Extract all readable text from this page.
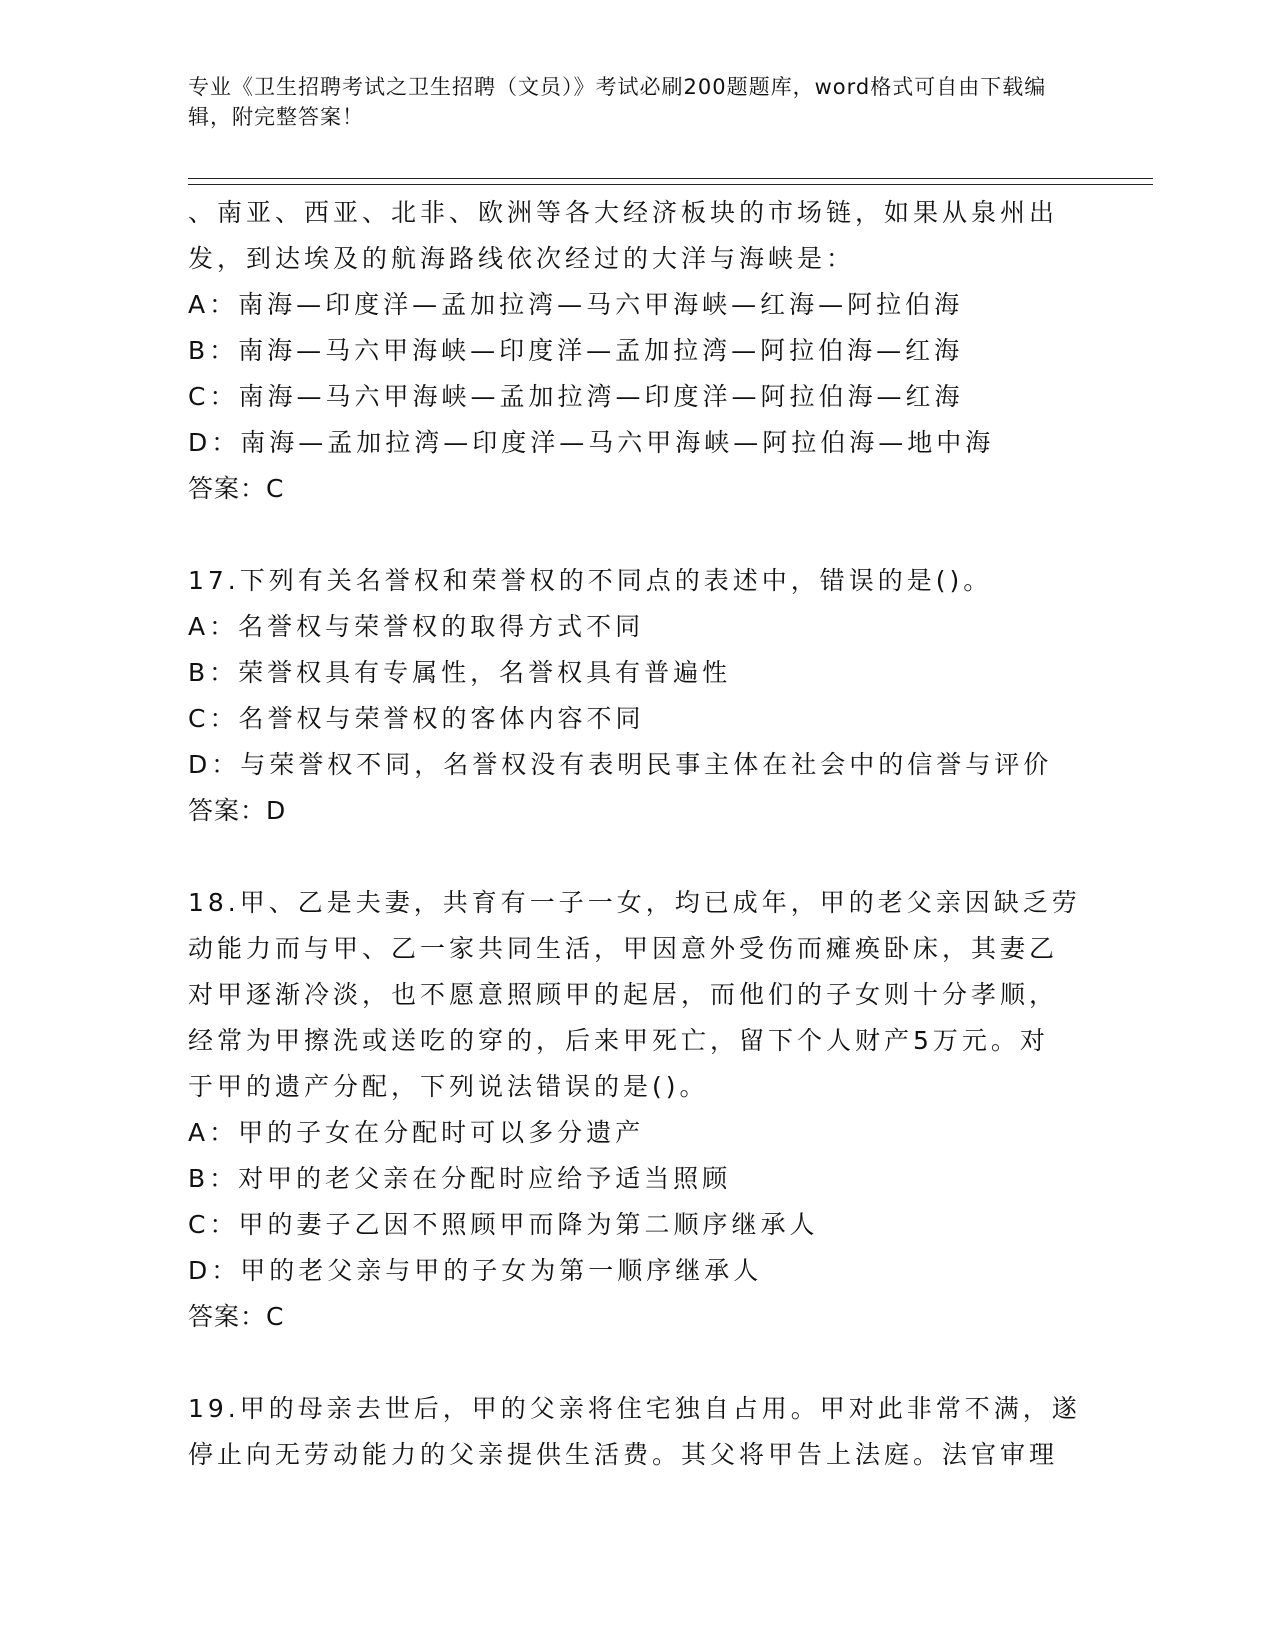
专业《卫生招聘考试之卫生招聘（文员）》考试必刷200题题库，word格式可自由下载编辑，附完整答案！
、南亚、西亚、北非、欧洲等各大经济板块的市场链，如果从泉州出
发，到达埃及的航海路线依次经过的大洋与海峡是：
A：南海—印度洋—孟加拉湾—马六甲海峡—红海—阿拉伯海
B：南海—马六甲海峡—印度洋—孟加拉湾—阿拉伯海—红海
C：南海—马六甲海峡—孟加拉湾—印度洋—阿拉伯海—红海
D：南海—孟加拉湾—印度洋—马六甲海峡—阿拉伯海—地中海
答案：C
17.下列有关名誉权和荣誉权的不同点的表述中，错误的是()。
A：名誉权与荣誉权的取得方式不同
B：荣誉权具有专属性，名誉权具有普遍性
C：名誉权与荣誉权的客体内容不同
D：与荣誉权不同，名誉权没有表明民事主体在社会中的信誉与评价
答案：D
18.甲、乙是夫妻，共育有一子一女，均已成年，甲的老父亲因缺乏劳
动能力而与甲、乙一家共同生活，甲因意外受伤而瘫痪卧床，其妻乙
对甲逐渐冷淡，也不愿意照顾甲的起居，而他们的子女则十分孝顺，
经常为甲擦洗或送吃的穿的，后来甲死亡，留下个人财产5万元。对
于甲的遗产分配，下列说法错误的是()。
A：甲的子女在分配时可以多分遗产
B：对甲的老父亲在分配时应给予适当照顾
C：甲的妻子乙因不照顾甲而降为第二顺序继承人
D：甲的老父亲与甲的子女为第一顺序继承人
答案：C
19.甲的母亲去世后，甲的父亲将住宅独自占用。甲对此非常不满，遂
停止向无劳动能力的父亲提供生活费。其父将甲告上法庭。法官审理
